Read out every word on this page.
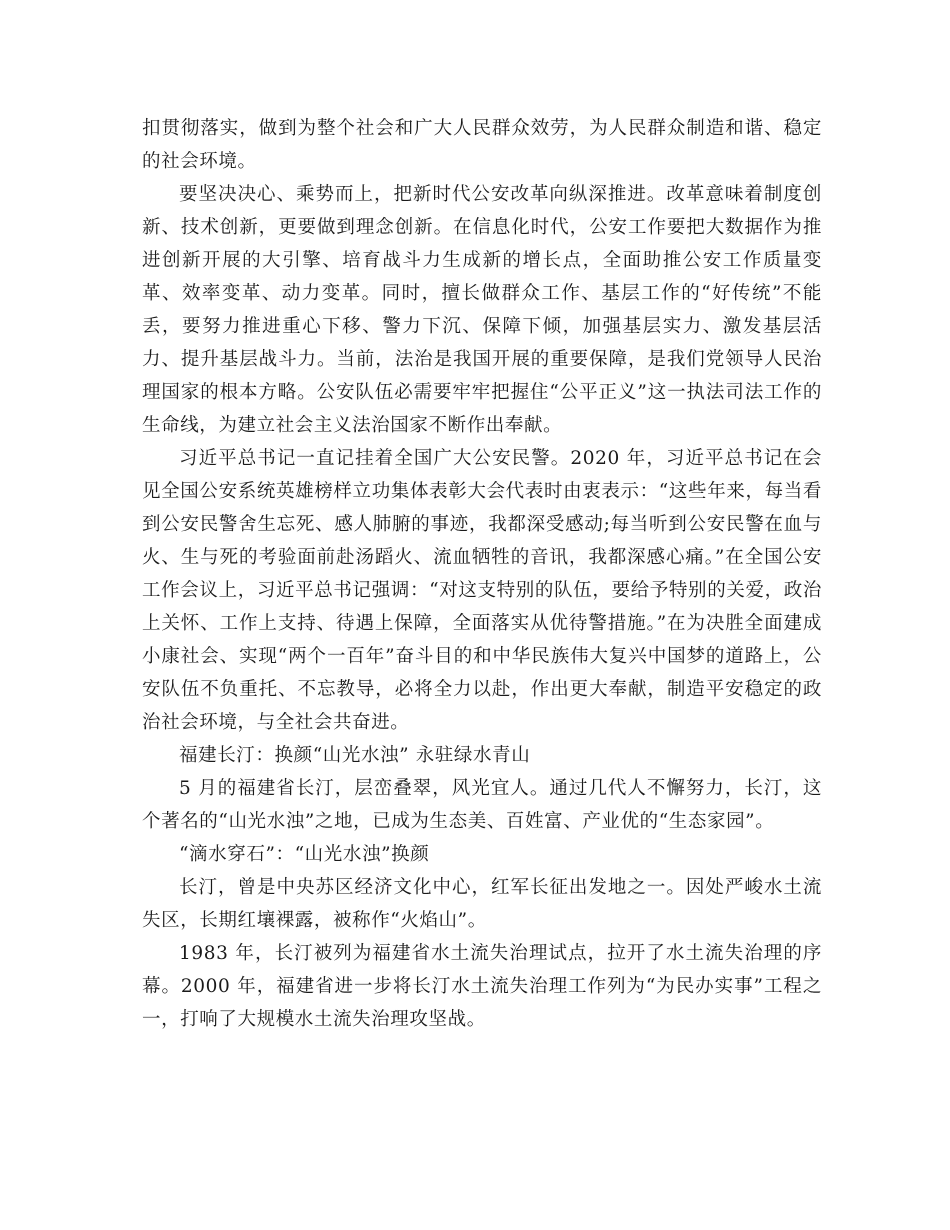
扣贯彻落实，做到为整个社会和广大人民群众效劳，为人民群众制造和谐、稳定的社会环境。

要坚决决心、乘势而上，把新时代公安改革向纵深推进。改革意味着制度创新、技术创新，更要做到理念创新。在信息化时代，公安工作要把大数据作为推进创新开展的大引擎、培育战斗力生成新的增长点，全面助推公安工作质量变革、效率变革、动力变革。同时，擅长做群众工作、基层工作的“好传统”不能丢，要努力推进重心下移、警力下沉、保障下倾，加强基层实力、激发基层活力、提升基层战斗力。当前，法治是我国开展的重要保障，是我们党领导人民治理国家的根本方略。公安队伍必需要牢牢把握住“公平正义”这一执法司法工作的生命线，为建立社会主义法治国家不断作出奉献。

习近平总书记一直记挂着全国广大公安民警。2020 年，习近平总书记在会见全国公安系统英雄榜样立功集体表彰大会代表时由衷表示：“这些年来，每当看到公安民警舍生忘死、感人肺腑的事迹，我都深受感动;每当听到公安民警在血与火、生与死的考验面前赴汤蹈火、流血牺牲的音讯，我都深感心痛。”在全国公安工作会议上，习近平总书记强调：“对这支特别的队伍，要给予特别的关爱，政治上关怀、工作上支持、待遇上保障，全面落实从优待警措施。”在为决胜全面建成小康社会、实现“两个一百年”奋斗目的和中华民族伟大复兴中国梦的道路上，公安队伍不负重托、不忘教导，必将全力以赴，作出更大奉献，制造平安稳定的政治社会环境，与全社会共奋进。

福建长汀：换颜“山光水浊” 永驻绿水青山

5 月的福建省长汀，层峦叠翠，风光宜人。通过几代人不懈努力，长汀，这个著名的“山光水浊”之地，已成为生态美、百姓富、产业优的“生态家园”。

“滴水穿石”：“山光水浊”换颜

长汀，曾是中央苏区经济文化中心，红军长征出发地之一。因处严峻水土流失区，长期红壤裸露，被称作“火焰山”。

1983 年，长汀被列为福建省水土流失治理试点，拉开了水土流失治理的序幕。2000 年，福建省进一步将长汀水土流失治理工作列为“为民办实事”工程之一，打响了大规模水土流失治理攻坚战。
